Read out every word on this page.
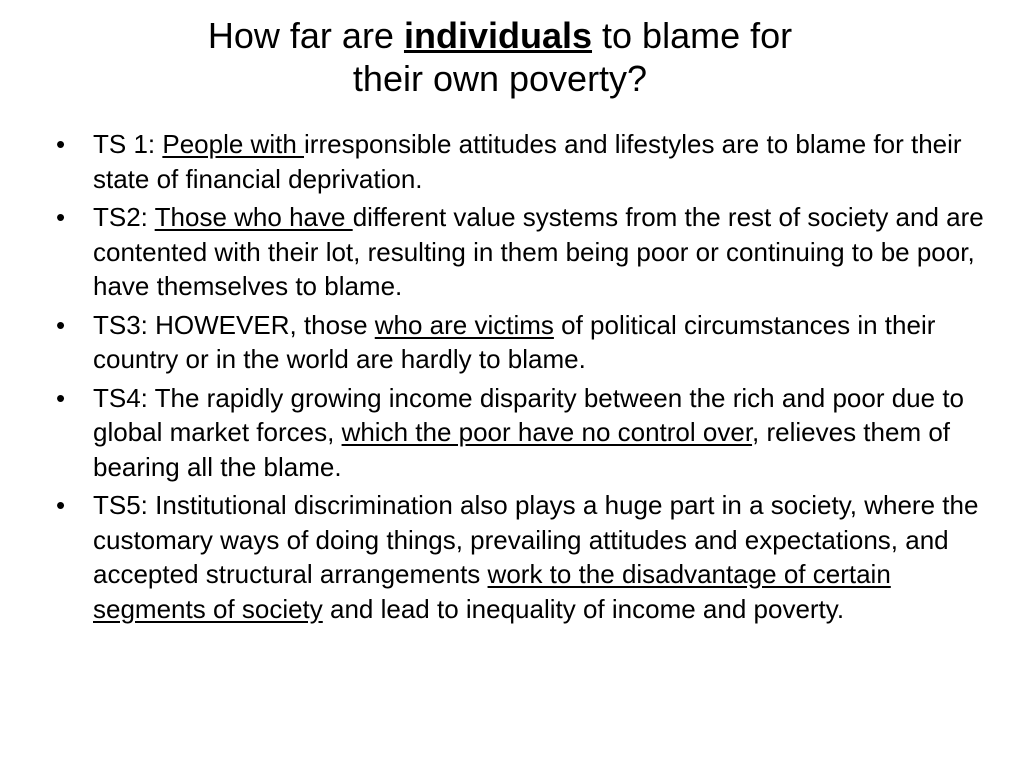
How far are individuals to blame for
their own poverty?
•	TS 1: People with irresponsible attitudes and lifestyles are to blame for their state of financial deprivation.
•	TS2: Those who have different value systems from the rest of society and are contented with their lot, resulting in them being poor or continuing to be poor, have themselves to blame.
•	TS3: HOWEVER, those who are victims of political circumstances in their country or in the world are hardly to blame.
•	TS4: The rapidly growing income disparity between the rich and poor due to global market forces, which the poor have no control over, relieves them of bearing all the blame.
•	TS5: Institutional discrimination also plays a huge part in a society, where the customary ways of doing things, prevailing attitudes and expectations, and accepted structural arrangements work to the disadvantage of certain segments of society and lead to inequality of income and poverty.
